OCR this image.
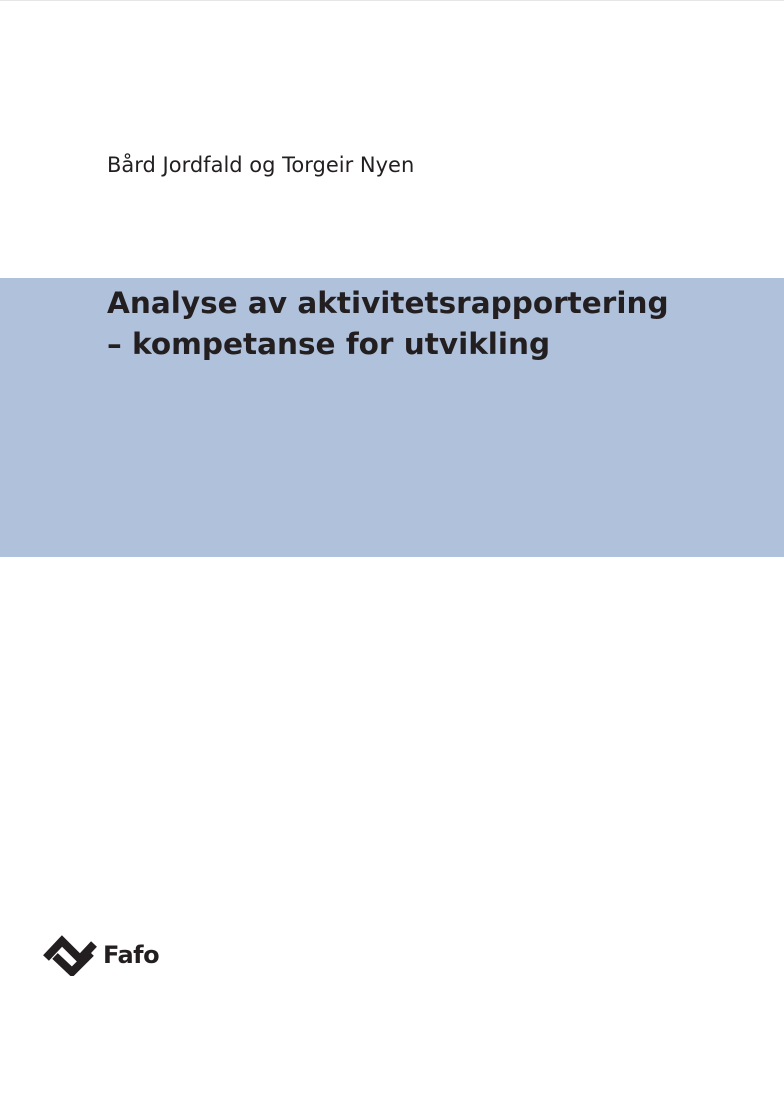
Bård Jordfald og Torgeir Nyen
Analyse av aktivitetsrapportering
– kompetanse for utvikling
Fafo
